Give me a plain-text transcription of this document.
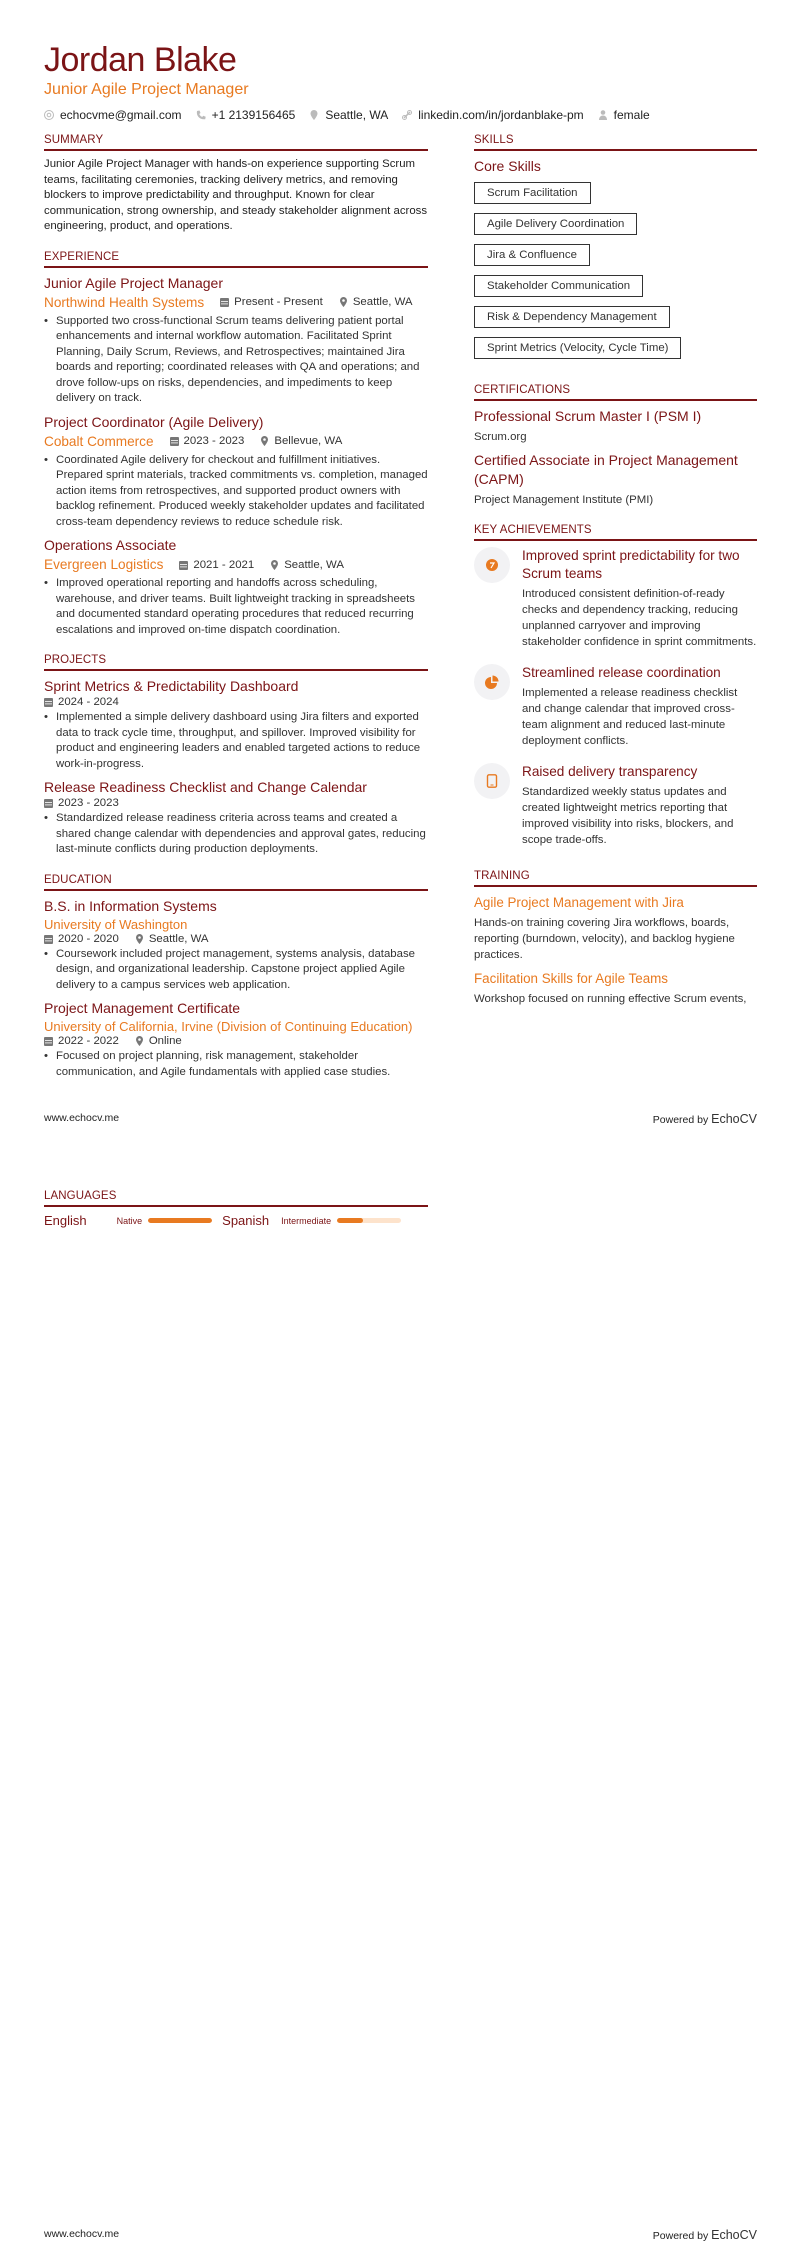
Jordan Blake
Junior Agile Project Manager
echocvme@gmail.com	+1 2139156465	Seattle, WA	linkedin.com/in/jordanblake-pm	female
SUMMARY
Junior Agile Project Manager with hands-on experience supporting Scrum teams, facilitating ceremonies, tracking delivery metrics, and removing blockers to improve predictability and throughput. Known for clear communication, strong ownership, and steady stakeholder alignment across engineering, product, and operations.
EXPERIENCE
Junior Agile Project Manager
Northwind Health Systems	Present - Present	Seattle, WA
• Supported two cross-functional Scrum teams delivering patient portal enhancements and internal workflow automation. Facilitated Sprint Planning, Daily Scrum, Reviews, and Retrospectives; maintained Jira boards and reporting; coordinated releases with QA and operations; and drove follow-ups on risks, dependencies, and impediments to keep delivery on track.
Project Coordinator (Agile Delivery)
Cobalt Commerce	2023 - 2023	Bellevue, WA
• Coordinated Agile delivery for checkout and fulfillment initiatives. Prepared sprint materials, tracked commitments vs. completion, managed action items from retrospectives, and supported product owners with backlog refinement. Produced weekly stakeholder updates and facilitated cross-team dependency reviews to reduce schedule risk.
Operations Associate
Evergreen Logistics	2021 - 2021	Seattle, WA
• Improved operational reporting and handoffs across scheduling, warehouse, and driver teams. Built lightweight tracking in spreadsheets and documented standard operating procedures that reduced recurring escalations and improved on-time dispatch coordination.
PROJECTS
Sprint Metrics & Predictability Dashboard
2024 - 2024
• Implemented a simple delivery dashboard using Jira filters and exported data to track cycle time, throughput, and spillover. Improved visibility for product and engineering leaders and enabled targeted actions to reduce work-in-progress.
Release Readiness Checklist and Change Calendar
2023 - 2023
• Standardized release readiness criteria across teams and created a shared change calendar with dependencies and approval gates, reducing last-minute conflicts during production deployments.
EDUCATION
B.S. in Information Systems
University of Washington
2020 - 2020	Seattle, WA
• Coursework included project management, systems analysis, database design, and organizational leadership. Capstone project applied Agile delivery to a campus services web application.
Project Management Certificate
University of California, Irvine (Division of Continuing Education)
2022 - 2022	Online
• Focused on project planning, risk management, stakeholder communication, and Agile fundamentals with applied case studies.
SKILLS
Core Skills
Scrum Facilitation
Agile Delivery Coordination
Jira & Confluence
Stakeholder Communication
Risk & Dependency Management
Sprint Metrics (Velocity, Cycle Time)
CERTIFICATIONS
Professional Scrum Master I (PSM I)
Scrum.org
Certified Associate in Project Management (CAPM)
Project Management Institute (PMI)
KEY ACHIEVEMENTS
Improved sprint predictability for two Scrum teams
Introduced consistent definition-of-ready checks and dependency tracking, reducing unplanned carryover and improving stakeholder confidence in sprint commitments.
Streamlined release coordination
Implemented a release readiness checklist and change calendar that improved cross-team alignment and reduced last-minute deployment conflicts.
Raised delivery transparency
Standardized weekly status updates and created lightweight metrics reporting that improved visibility into risks, blockers, and scope trade-offs.
TRAINING
Agile Project Management with Jira
Hands-on training covering Jira workflows, boards, reporting (burndown, velocity), and backlog hygiene practices.
Facilitation Skills for Agile Teams
Workshop focused on running effective Scrum events,
www.echocv.me	Powered by EchoCV
LANGUAGES
English	Native	Spanish Intermediate
www.echocv.me	Powered by EchoCV
